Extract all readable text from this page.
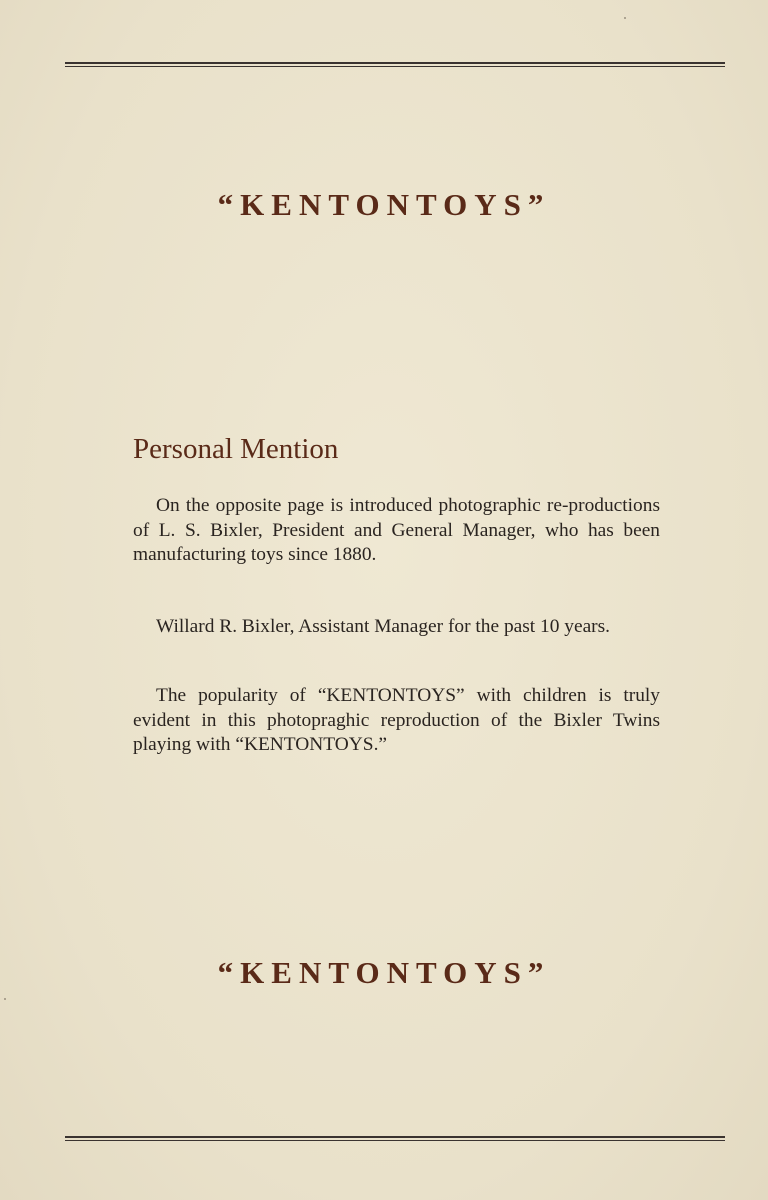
“KENTONTOYS”
Personal Mention

On the opposite page is introduced photographic re-productions of L. S. Bixler, President and General Manager, who has been manufacturing toys since 1880.

Willard R. Bixler, Assistant Manager for the past 10 years.

The popularity of “KENTONTOYS” with children is truly evident in this photopraghic reproduction of the Bixler Twins playing with “KENTONTOYS.”

“KENTONTOYS”
